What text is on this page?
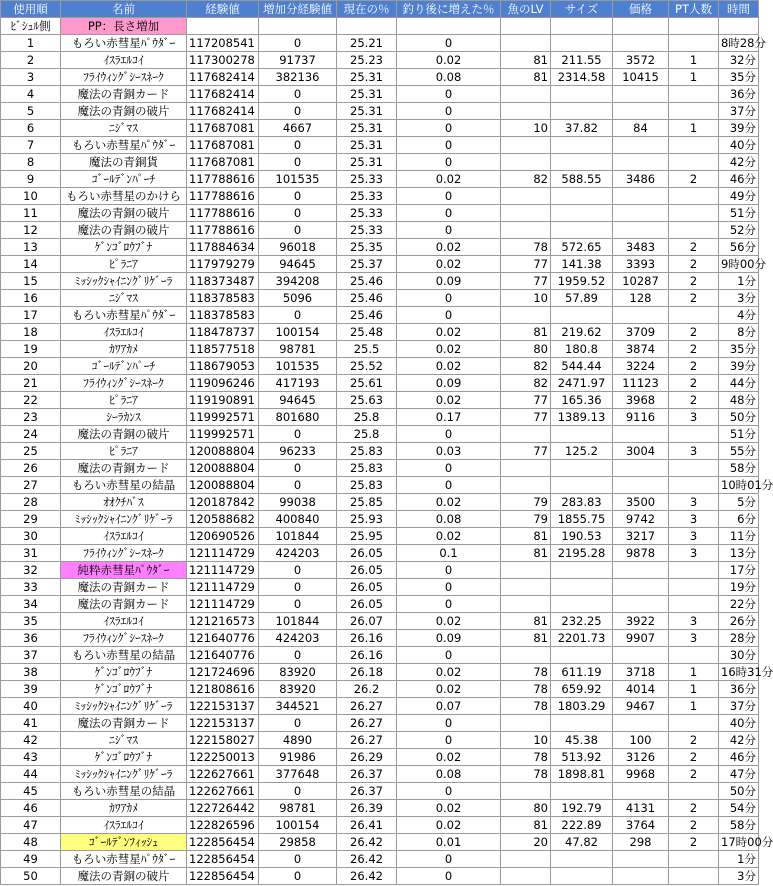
使用順	名前	経験値	増加分経験値	現在の％	釣り後に増えた％	魚のLV	サイズ	価格	PT人数	時間
ﾋﾞｼｭﾙ側	PP：長さ増加									
1	もろい赤彗星ﾊﾟｳﾀﾞｰ	117208541	0	25.21	0					8時28分
2	ｲｽﾗｴﾙｺｲ	117300278	91737	25.23	0.02	81	211.55	3572	1	32分
3	ﾌﾗｲｳｨﾝｸﾞｼｰｽﾈｰｸ	117682414	382136	25.31	0.08	81	2314.58	10415	1	35分
4	魔法の青銅カード	117682414	0	25.31	0					36分
5	魔法の青銅の破片	117682414	0	25.31	0					37分
6	ﾆｼﾞﾏｽ	117687081	4667	25.31	0	10	37.82	84	1	39分
7	もろい赤彗星ﾊﾟｳﾀﾞｰ	117687081	0	25.31	0					40分
8	魔法の青銅貨	117687081	0	25.31	0					42分
9	ｺﾞｰﾙﾃﾞﾝﾊﾟｰﾁ	117788616	101535	25.33	0.02	82	588.55	3486	2	46分
10	もろい赤彗星のかけら	117788616	0	25.33	0					49分
11	魔法の青銅の破片	117788616	0	25.33	0					51分
12	魔法の青銅の破片	117788616	0	25.33	0					52分
13	ｹﾞﾝｺﾞﾛｳﾌﾞﾅ	117884634	96018	25.35	0.02	78	572.65	3483	2	56分
14	ﾋﾟﾗﾆｱ	117979279	94645	25.37	0.02	77	141.38	3393	2	9時00分
15	ﾐｯｼｯｸｼｬｲﾆﾝｸﾞﾘｹﾞｰﾗ	118373487	394208	25.46	0.09	77	1959.52	10287	2	1分
16	ﾆｼﾞﾏｽ	118378583	5096	25.46	0	10	57.89	128	2	3分
17	もろい赤彗星ﾊﾟｳﾀﾞｰ	118378583	0	25.46	0					4分
18	ｲｽﾗｴﾙｺｲ	118478737	100154	25.48	0.02	81	219.62	3709	2	8分
19	ｶﾜｱｶﾒ	118577518	98781	25.5	0.02	80	180.8	3874	2	35分
20	ｺﾞｰﾙﾃﾞﾝﾊﾟｰﾁ	118679053	101535	25.52	0.02	82	544.44	3224	2	39分
21	ﾌﾗｲｳｨﾝｸﾞｼｰｽﾈｰｸ	119096246	417193	25.61	0.09	82	2471.97	11123	2	44分
22	ﾋﾟﾗﾆｱ	119190891	94645	25.63	0.02	77	165.36	3968	2	48分
23	ｼｰﾗｶﾝｽ	119992571	801680	25.8	0.17	77	1389.13	9116	3	50分
24	魔法の青銅の破片	119992571	0	25.8	0					51分
25	ﾋﾟﾗﾆｱ	120088804	96233	25.83	0.03	77	125.2	3004	3	55分
26	魔法の青銅カード	120088804	0	25.83	0					58分
27	もろい赤彗星の結晶	120088804	0	25.83	0					10時01分
28	ｵｵｸﾁﾊﾞｽ	120187842	99038	25.85	0.02	79	283.83	3500	3	5分
29	ﾐｯｼｯｸｼｬｲﾆﾝｸﾞﾘｹﾞｰﾗ	120588682	400840	25.93	0.08	79	1855.75	9742	3	6分
30	ｲｽﾗｴﾙｺｲ	120690526	101844	25.95	0.02	81	190.53	3217	3	11分
31	ﾌﾗｲｳｨﾝｸﾞｼｰｽﾈｰｸ	121114729	424203	26.05	0.1	81	2195.28	9878	3	13分
32	純粋赤彗星ﾊﾟｳﾀﾞｰ	121114729	0	26.05	0					17分
33	魔法の青銅カード	121114729	0	26.05	0					19分
34	魔法の青銅カード	121114729	0	26.05	0					22分
35	ｲｽﾗｴﾙｺｲ	121216573	101844	26.07	0.02	81	232.25	3922	3	26分
36	ﾌﾗｲｳｨﾝｸﾞｼｰｽﾈｰｸ	121640776	424203	26.16	0.09	81	2201.73	9907	3	28分
37	もろい赤彗星の結晶	121640776	0	26.16	0					30分
38	ｹﾞﾝｺﾞﾛｳﾌﾞﾅ	121724696	83920	26.18	0.02	78	611.19	3718	1	16時31分
39	ｹﾞﾝｺﾞﾛｳﾌﾞﾅ	121808616	83920	26.2	0.02	78	659.92	4014	1	36分
40	ﾐｯｼｯｸｼｬｲﾆﾝｸﾞﾘｹﾞｰﾗ	122153137	344521	26.27	0.07	78	1803.29	9467	1	37分
41	魔法の青銅カード	122153137	0	26.27	0					40分
42	ﾆｼﾞﾏｽ	122158027	4890	26.27	0	10	45.38	100	2	42分
43	ｹﾞﾝｺﾞﾛｳﾌﾞﾅ	122250013	91986	26.29	0.02	78	513.92	3126	2	46分
44	ﾐｯｼｯｸｼｬｲﾆﾝｸﾞﾘｹﾞｰﾗ	122627661	377648	26.37	0.08	78	1898.81	9968	2	47分
45	もろい赤彗星の結晶	122627661	0	26.37	0					50分
46	ｶﾜｱｶﾒ	122726442	98781	26.39	0.02	80	192.79	4131	2	54分
47	ｲｽﾗｴﾙｺｲ	122826596	100154	26.41	0.02	81	222.89	3764	2	58分
48	ｺﾞｰﾙﾃﾞﾝﾌｨｯｼｭ	122856454	29858	26.42	0.01	20	47.82	298	2	17時00分
49	もろい赤彗星ﾊﾟｳﾀﾞｰ	122856454	0	26.42	0					1分
50	魔法の青銅の破片	122856454	0	26.42	0					3分
